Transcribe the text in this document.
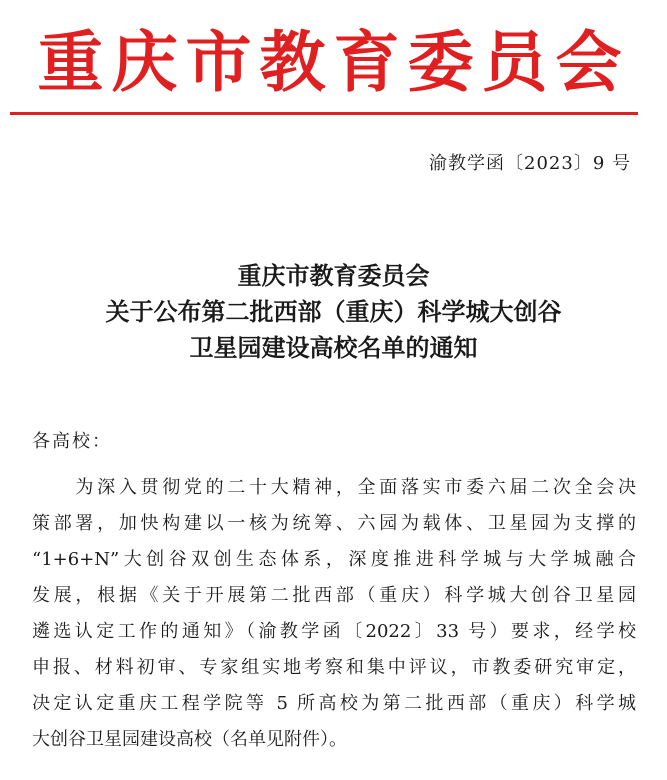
重庆市教育委员会
渝教学函〔2023〕9 号
重庆市教育委员会
关于公布第二批西部（重庆）科学城大创谷
卫星园建设高校名单的通知
各高校：
　　为深入贯彻党的二十大精神，全面落实市委六届二次全会决
策部署，加快构建以一核为统筹、六园为载体、卫星园为支撑的
“1+6+N”大创谷双创生态体系，深度推进科学城与大学城融合
发展，根据《关于开展第二批西部（重庆）科学城大创谷卫星园
遴选认定工作的通知》（渝教学函〔2022〕33 号）要求，经学校
申报、材料初审、专家组实地考察和集中评议，市教委研究审定，
决定认定重庆工程学院等 5 所高校为第二批西部（重庆）科学城
大创谷卫星园建设高校（名单见附件）。
